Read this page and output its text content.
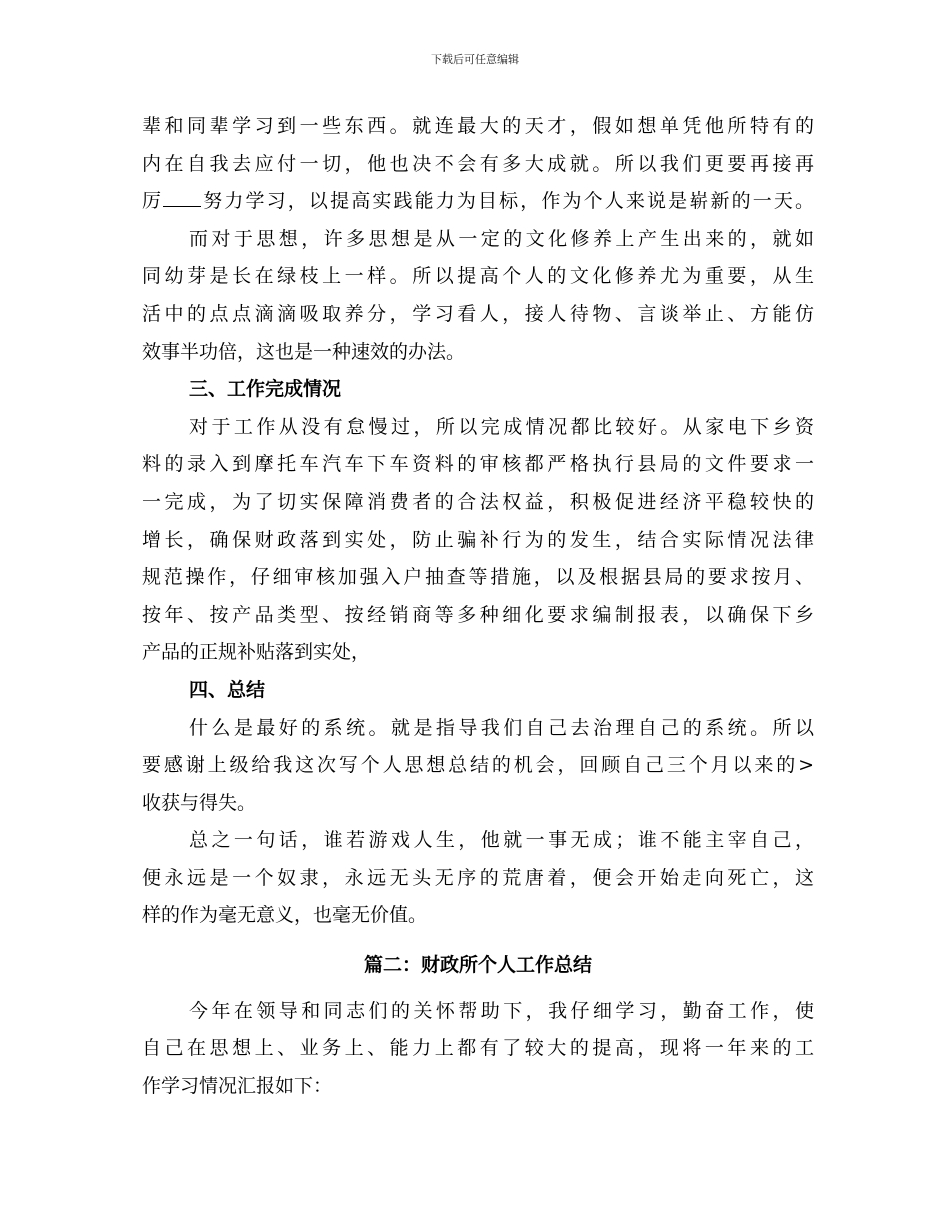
下载后可任意编辑
辈和同辈学习到一些东西。就连最大的天才，假如想单凭他所特有的
内在自我去应付一切，他也决不会有多大成就。所以我们更要再接再
厉 努力学习，以提高实践能力为目标，作为个人来说是崭新的一天。
而对于思想，许多思想是从一定的文化修养上产生出来的，就如
同幼芽是长在绿枝上一样。所以提高个人的文化修养尤为重要，从生
活中的点点滴滴吸取养分，学习看人，接人待物、言谈举止、方能仿
效事半功倍，这也是一种速效的办法。
三、工作完成情况
对于工作从没有怠慢过，所以完成情况都比较好。从家电下乡资
料的录入到摩托车汽车下车资料的审核都严格执行县局的文件要求一
一完成，为了切实保障消费者的合法权益，积极促进经济平稳较快的
增长，确保财政落到实处，防止骗补行为的发生，结合实际情况法律
规范操作，仔细审核加强入户抽查等措施，以及根据县局的要求按月、
按年、按产品类型、按经销商等多种细化要求编制报表，以确保下乡
产品的正规补贴落到实处，
四、总结
什么是最好的系统。就是指导我们自己去治理自己的系统。所以
要感谢上级给我这次写个人思想总结的机会，回顾自己三个月以来的>
收获与得失。
总之一句话，谁若游戏人生，他就一事无成；谁不能主宰自己，
便永远是一个奴隶，永远无头无序的荒唐着，便会开始走向死亡，这
样的作为毫无意义，也毫无价值。
篇二：财政所个人工作总结
今年在领导和同志们的关怀帮助下，我仔细学习，勤奋工作，使
自己在思想上、业务上、能力上都有了较大的提高，现将一年来的工
作学习情况汇报如下：
